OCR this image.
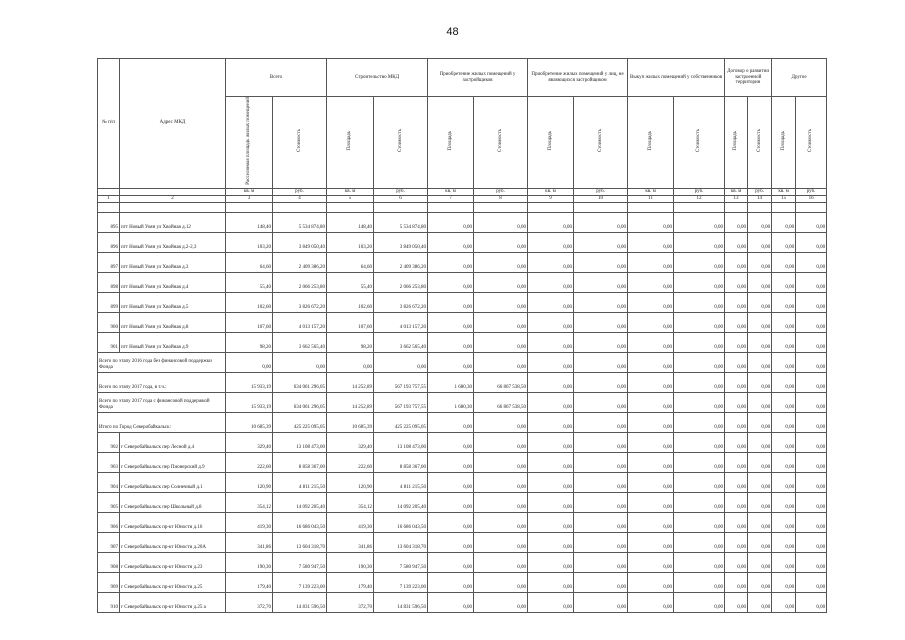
48
№ п/п	Адрес МКД	Всего		Строительство МКД		Приобретение жилых помещений у застройщиков		Приобретение жилых помещений у лиц, не являющихся застройщиком		Выкуп жилых помещений у собственников		Договор о развитии застроенной территории		Другое	
		Расселяемая площадь жилых помещений	Стоимость	Площадь	Стоимость	Площадь	Стоимость	Площадь	Стоимость	Площадь	Стоимость	Площадь	Стоимость	Площадь	Стоимость
		кв. м	руб.	кв. м	руб.	кв. м	руб.	кв. м	руб.	кв. м	руб.	кв. м	руб.	кв. м	руб.
1	2	3	4	5	6	7	8	9	10	11	12	13	14	15	16

895	пгт Новый Уоян ул Хвойная д.12	148,40	5 534 874,80	148,40	5 534 874,80	0,00	0,00	0,00	0,00	0,00	0,00	0,00	0,00	0,00	0,00
896	пгт Новый Уоян ул Хвойная д.2-2,3	103,20	3 849 050,40	103,20	3 849 050,40	0,00	0,00	0,00	0,00	0,00	0,00	0,00	0,00	0,00	0,00
897	пгт Новый Уоян ул Хвойная д.3	64,60	2 409 386,20	64,60	2 409 386,20	0,00	0,00	0,00	0,00	0,00	0,00	0,00	0,00	0,00	0,00
898	пгт Новый Уоян ул Хвойная д.4	55,40	2 066 253,80	55,40	2 066 253,80	0,00	0,00	0,00	0,00	0,00	0,00	0,00	0,00	0,00	0,00
899	пгт Новый Уоян ул Хвойная д.5	102,60	3 826 672,20	102,60	3 826 672,20	0,00	0,00	0,00	0,00	0,00	0,00	0,00	0,00	0,00	0,00
900	пгт Новый Уоян ул Хвойная д.8	107,60	4 013 157,20	107,60	4 013 157,20	0,00	0,00	0,00	0,00	0,00	0,00	0,00	0,00	0,00	0,00
901	пгт Новый Уоян ул Хвойная д.9	98,20	3 662 565,40	98,20	3 662 565,40	0,00	0,00	0,00	0,00	0,00	0,00	0,00	0,00	0,00	0,00
Всего по этапу 2016 года без финансовой поддержки Фонда		0,00	0,00	0,00	0,00	0,00	0,00	0,00	0,00	0,00	0,00	0,00	0,00	0,00	0,00
Всего по этапу 2017 года, в т.ч.:		15 933,19	634 061 296,05	14 252,89	567 193 757,55	1 680,30	66 867 538,50	0,00	0,00	0,00	0,00	0,00	0,00	0,00	0,00
Всего по этапу 2017 года с финансовой поддержкой Фонда		15 933,19	634 061 296,05	14 252,89	567 193 757,55	1 680,30	66 867 538,50	0,00	0,00	0,00	0,00	0,00	0,00	0,00	0,00
Итого по Город Северобайкальск:		10 685,39	425 225 095,05	10 685,39	425 225 095,05	0,00	0,00	0,00	0,00	0,00	0,00	0,00	0,00	0,00	0,00
902	г Северобайкальск пер Лесной д.4	329,40	13 108 473,00	329,40	13 108 473,00	0,00	0,00	0,00	0,00	0,00	0,00	0,00	0,00	0,00	0,00
903	г Северобайкальск пер Пионерский д.9	222,60	8 858 367,00	222,60	8 858 367,00	0,00	0,00	0,00	0,00	0,00	0,00	0,00	0,00	0,00	0,00
904	г Северобайкальск пер Солнечный д.1	120,90	4 811 215,50	120,90	4 811 215,50	0,00	0,00	0,00	0,00	0,00	0,00	0,00	0,00	0,00	0,00
905	г Северобайкальск пер Школьный д.8	354,12	14 092 205,40	354,12	14 092 205,40	0,00	0,00	0,00	0,00	0,00	0,00	0,00	0,00	0,00	0,00
906	г Северобайкальск пр-кт Юности д.16	419,30	16 686 043,50	419,30	16 686 043,50	0,00	0,00	0,00	0,00	0,00	0,00	0,00	0,00	0,00	0,00
907	г Северобайкальск пр-кт Юности д.20А	341,86	13 604 318,70	341,86	13 604 318,70	0,00	0,00	0,00	0,00	0,00	0,00	0,00	0,00	0,00	0,00
908	г Северобайкальск пр-кт Юности д.23	190,30	7 580 947,50	190,30	7 580 947,50	0,00	0,00	0,00	0,00	0,00	0,00	0,00	0,00	0,00	0,00
909	г Северобайкальск пр-кт Юности д.25	179,40	7 139 223,00	179,40	7 139 223,00	0,00	0,00	0,00	0,00	0,00	0,00	0,00	0,00	0,00	0,00
910	г Северобайкальск пр-кт Юности д.25 а	372,70	14 831 596,50	372,70	14 831 596,50	0,00	0,00	0,00	0,00	0,00	0,00	0,00	0,00	0,00	0,00
